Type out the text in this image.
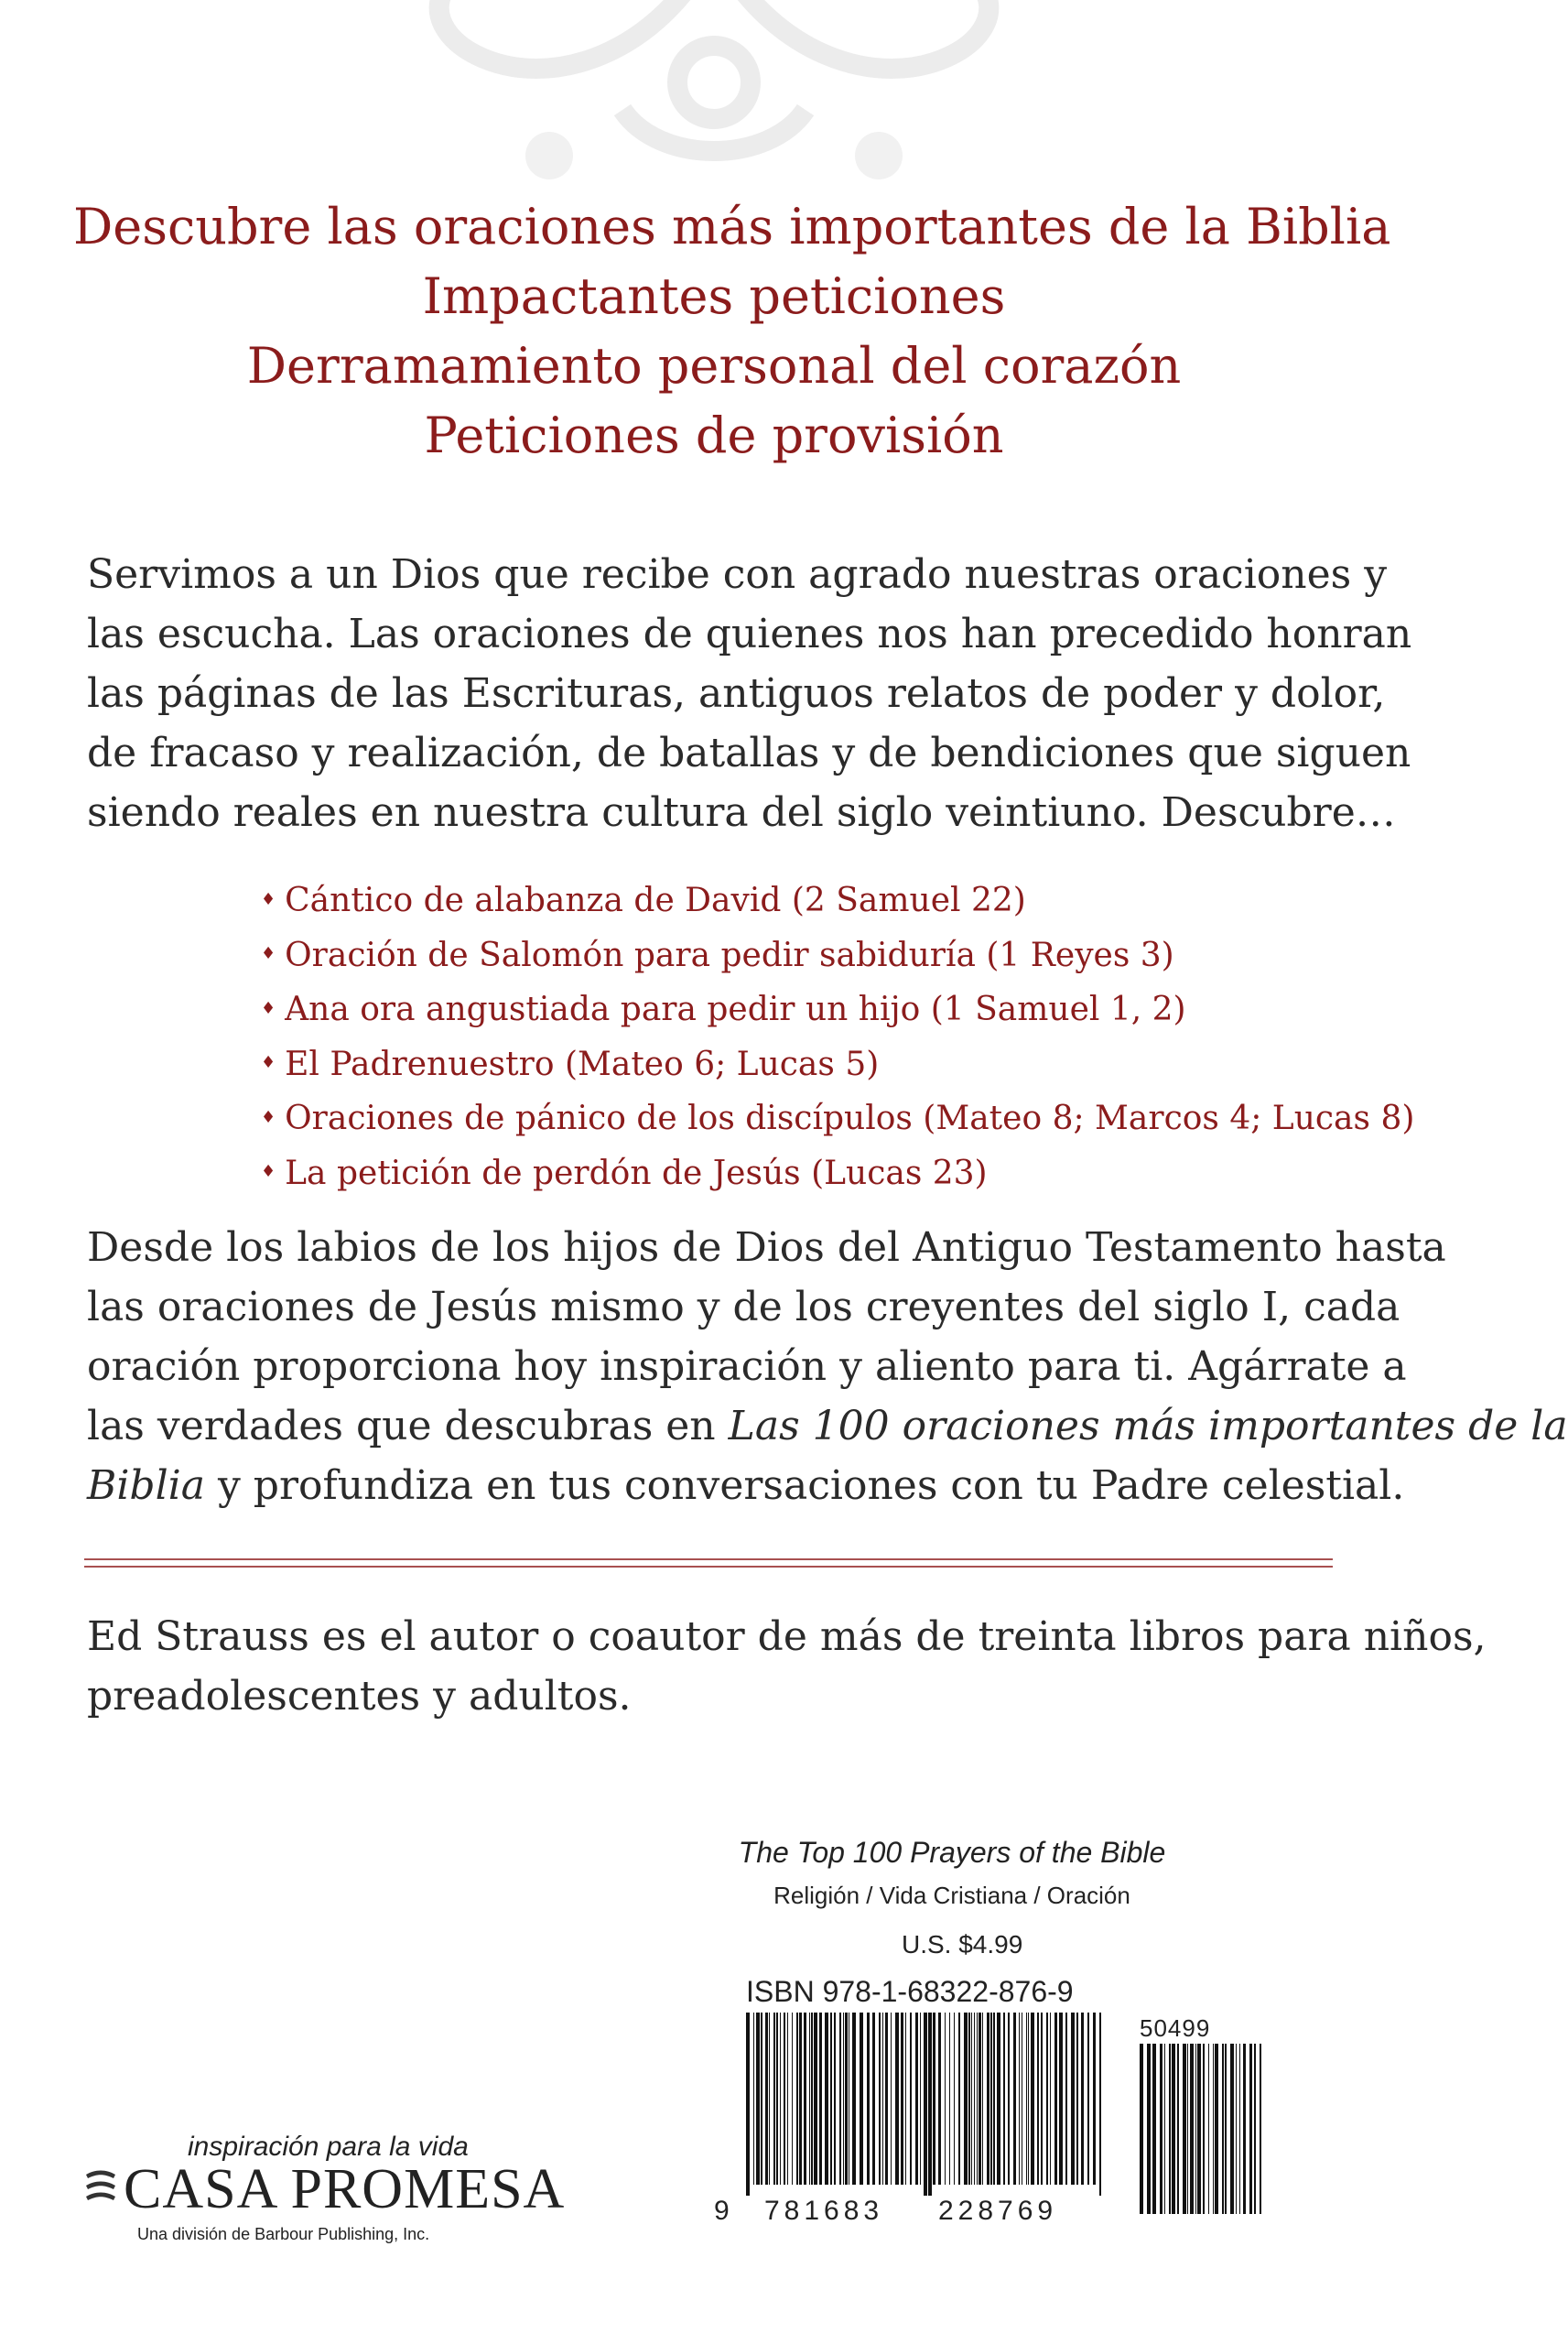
Descubre las oraciones más importantes de la Biblia
Impactantes peticiones
Derramamiento personal del corazón
Peticiones de provisión
Servimos a un Dios que recibe con agrado nuestras oraciones y
las escucha. Las oraciones de quienes nos han precedido honran
las páginas de las Escrituras, antiguos relatos de poder y dolor,
de fracaso y realización, de batallas y de bendiciones que siguen
siendo reales en nuestra cultura del siglo veintiuno. Descubre…
♦ Cántico de alabanza de David (2 Samuel 22)
♦ Oración de Salomón para pedir sabiduría (1 Reyes 3)
♦ Ana ora angustiada para pedir un hijo (1 Samuel 1, 2)
♦ El Padrenuestro (Mateo 6; Lucas 5)
♦ Oraciones de pánico de los discípulos (Mateo 8; Marcos 4; Lucas 8)
♦ La petición de perdón de Jesús (Lucas 23)
Desde los labios de los hijos de Dios del Antiguo Testamento hasta
las oraciones de Jesús mismo y de los creyentes del siglo I, cada
oración proporciona hoy inspiración y aliento para ti. Agárrate a
las verdades que descubras en Las 100 oraciones más importantes de la
Biblia y profundiza en tus conversaciones con tu Padre celestial.
Ed Strauss es el autor o coautor de más de treinta libros para niños,
preadolescentes y adultos.
The Top 100 Prayers of the Bible
Religión / Vida Cristiana / Oración
U.S. $4.99
ISBN 978-1-68322-876-9
50499
9 781683 228769
inspiración para la vida
CASA PROMESA
Una división de Barbour Publishing, Inc.
